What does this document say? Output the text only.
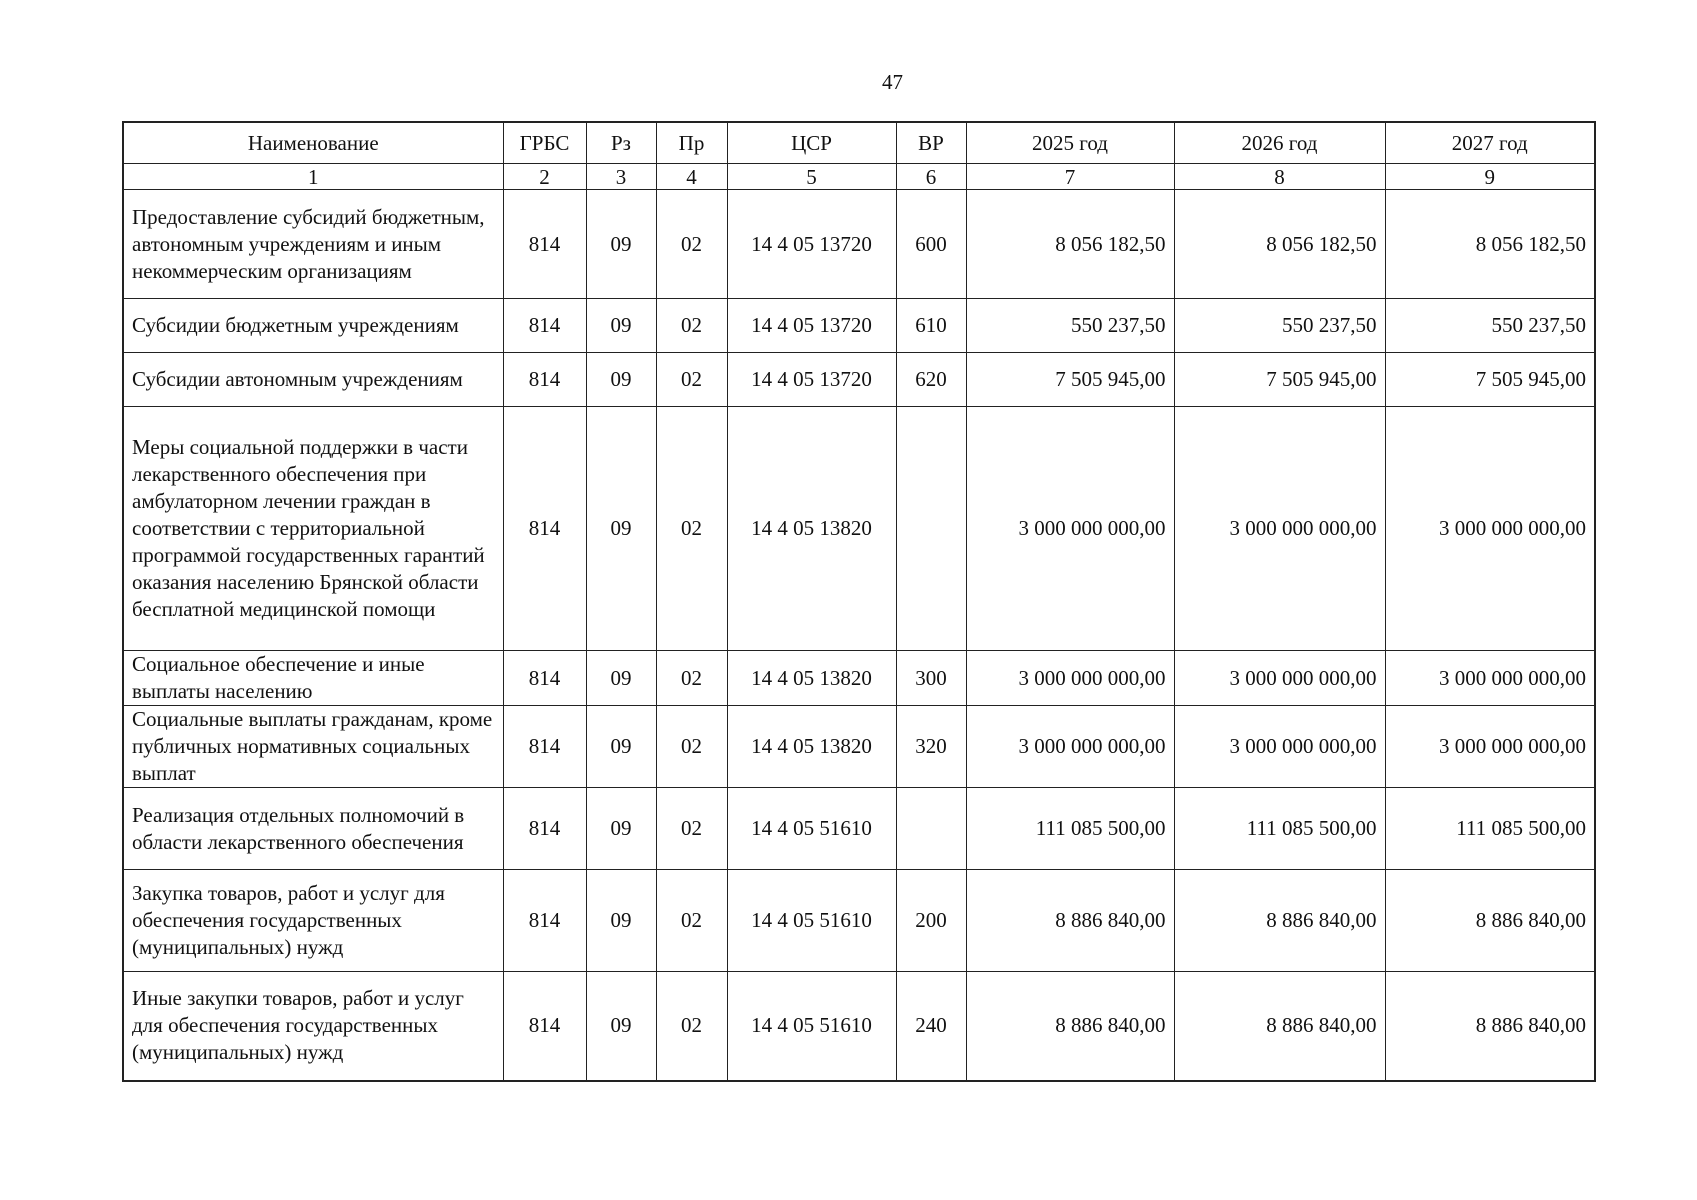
47
Наименование	ГРБС	Рз	Пр	ЦСР	ВР	2025 год	2026 год	2027 год
1	2	3	4	5	6	7	8	9
Предоставление субсидий бюджетным, автономным учреждениям и иным некоммерческим организациям	814	09	02	14 4 05 13720	600	8 056 182,50	8 056 182,50	8 056 182,50
Субсидии бюджетным учреждениям	814	09	02	14 4 05 13720	610	550 237,50	550 237,50	550 237,50
Субсидии автономным учреждениям	814	09	02	14 4 05 13720	620	7 505 945,00	7 505 945,00	7 505 945,00
Меры социальной поддержки в части лекарственного обеспечения при амбулаторном лечении граждан в соответствии с территориальной программой государственных гарантий оказания населению Брянской области бесплатной медицинской помощи	814	09	02	14 4 05 13820		3 000 000 000,00	3 000 000 000,00	3 000 000 000,00
Социальное обеспечение и иные выплаты населению	814	09	02	14 4 05 13820	300	3 000 000 000,00	3 000 000 000,00	3 000 000 000,00
Социальные выплаты гражданам, кроме публичных нормативных социальных выплат	814	09	02	14 4 05 13820	320	3 000 000 000,00	3 000 000 000,00	3 000 000 000,00
Реализация отдельных полномочий в области лекарственного обеспечения	814	09	02	14 4 05 51610		111 085 500,00	111 085 500,00	111 085 500,00
Закупка товаров, работ и услуг для обеспечения государственных (муниципальных) нужд	814	09	02	14 4 05 51610	200	8 886 840,00	8 886 840,00	8 886 840,00
Иные закупки товаров, работ и услуг для обеспечения государственных (муниципальных) нужд	814	09	02	14 4 05 51610	240	8 886 840,00	8 886 840,00	8 886 840,00
